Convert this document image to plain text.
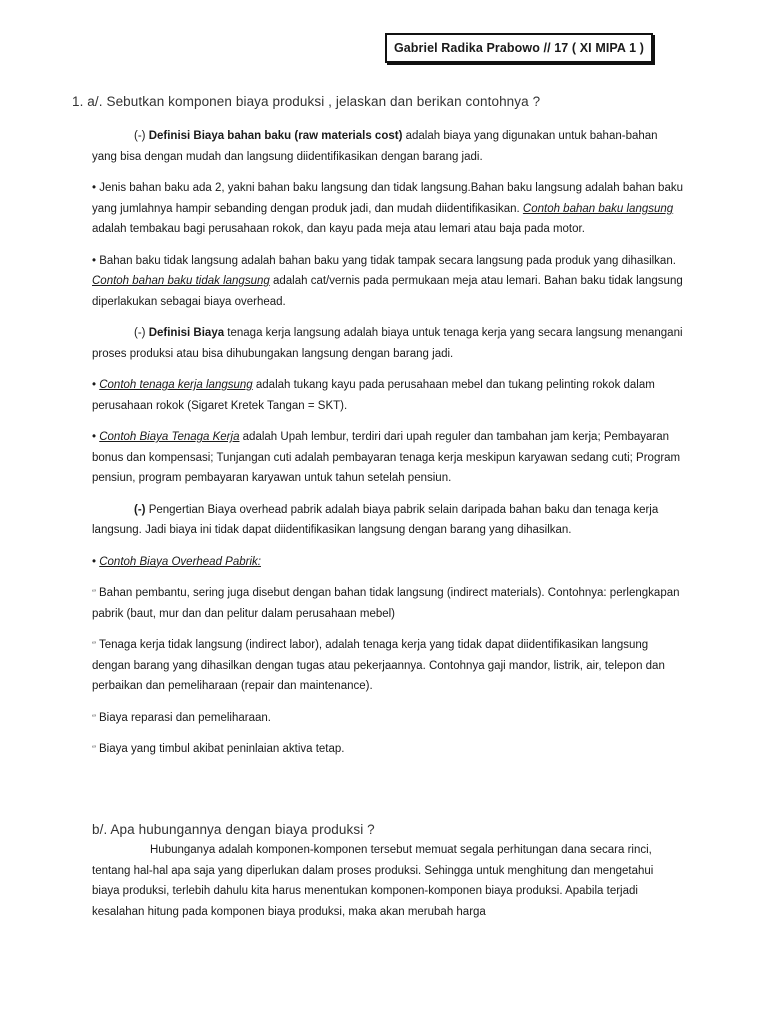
Gabriel Radika Prabowo // 17 ( XI MIPA 1 )
1. a/. Sebutkan komponen biaya produksi , jelaskan dan berikan contohnya ?

(-) Definisi Biaya bahan baku (raw materials cost) adalah biaya yang digunakan untuk bahan-bahan yang bisa dengan mudah dan langsung diidentifikasikan dengan barang jadi.

• Jenis bahan baku ada 2, yakni bahan baku langsung dan tidak langsung.Bahan baku langsung adalah bahan baku yang jumlahnya hampir sebanding dengan produk jadi, dan mudah diidentifikasikan. Contoh bahan baku langsung adalah tembakau bagi perusahaan rokok, dan kayu pada meja atau lemari atau baja pada motor.

• Bahan baku tidak langsung adalah bahan baku yang tidak tampak secara langsung pada produk yang dihasilkan. Contoh bahan baku tidak langsung adalah cat/vernis pada permukaan meja atau lemari. Bahan baku tidak langsung diperlakukan sebagai biaya overhead.

(-) Definisi Biaya tenaga kerja langsung adalah biaya untuk tenaga kerja yang secara langsung menangani proses produksi atau bisa dihubungakan langsung dengan barang jadi.

• Contoh tenaga kerja langsung adalah tukang kayu pada perusahaan mebel dan tukang pelinting rokok dalam perusahaan rokok (Sigaret Kretek Tangan = SKT).

• Contoh Biaya Tenaga Kerja adalah Upah lembur, terdiri dari upah reguler dan tambahan jam kerja; Pembayaran bonus dan kompensasi; Tunjangan cuti adalah pembayaran tenaga kerja meskipun karyawan sedang cuti; Program pensiun, program pembayaran karyawan untuk tahun setelah pensiun.

(-) Pengertian Biaya overhead pabrik adalah biaya pabrik selain daripada bahan baku dan tenaga kerja langsung. Jadi biaya ini tidak dapat diidentifikasikan langsung dengan barang yang dihasilkan.

• Contoh Biaya Overhead Pabrik:

‘’ Bahan pembantu, sering juga disebut dengan bahan tidak langsung (indirect materials). Contohnya: perlengkapan pabrik (baut, mur dan dan pelitur dalam perusahaan mebel)

‘’ Tenaga kerja tidak langsung (indirect labor), adalah tenaga kerja yang tidak dapat diidentifikasikan langsung dengan barang yang dihasilkan dengan tugas atau pekerjaannya. Contohnya gaji mandor, listrik, air, telepon dan perbaikan dan pemeliharaan (repair dan maintenance).

‘’ Biaya reparasi dan pemeliharaan.

‘’ Biaya yang timbul akibat peninlaian aktiva tetap.

b/. Apa hubungannya dengan biaya produksi ?

Hubunganya adalah komponen-komponen tersebut memuat segala perhitungan dana secara rinci, tentang hal-hal apa saja yang diperlukan dalam proses produksi. Sehingga untuk menghitung dan mengetahui biaya produksi, terlebih dahulu kita harus menentukan komponen-komponen biaya produksi. Apabila terjadi kesalahan hitung pada komponen biaya produksi, maka akan merubah harga
